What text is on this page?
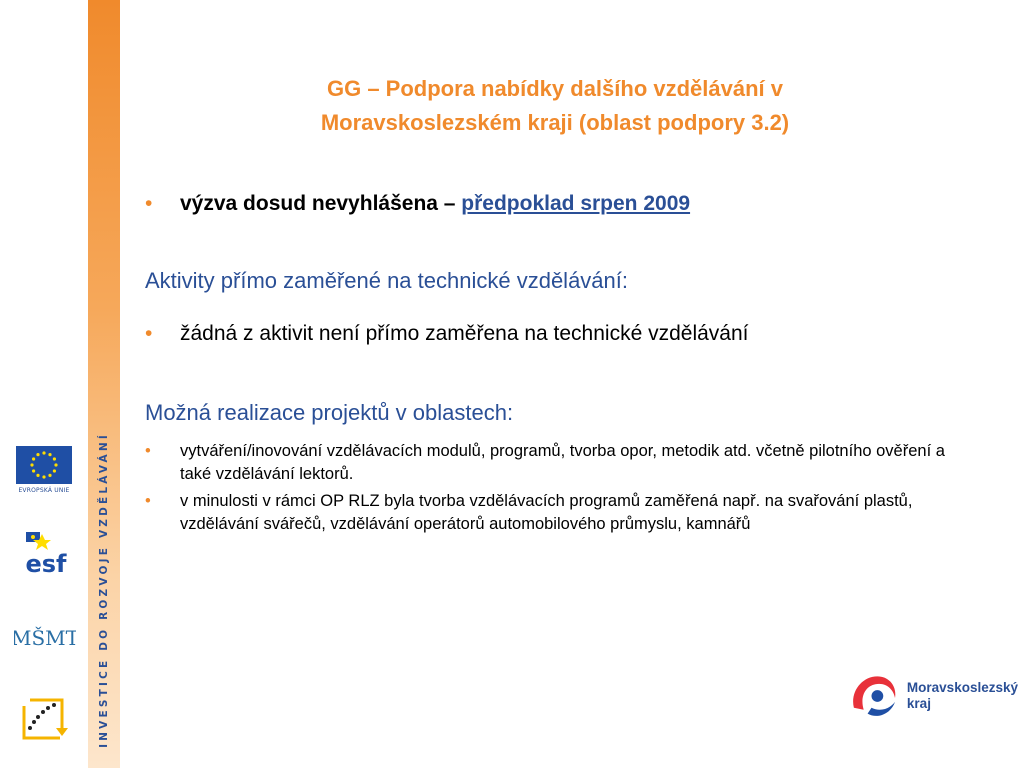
INVESTICE DO ROZVOJE VZDĚLÁVÁNÍ
EVROPSKÁ UNIE
esf
MŠMT
GG – Podpora nabídky dalšího vzdělávání v
Moravskoslezském kraji (oblast podpory 3.2)
•	výzva dosud nevyhlášena – předpoklad srpen 2009
Aktivity přímo zaměřené na technické vzdělávání:
•	žádná z aktivit není přímo zaměřena na technické vzdělávání
Možná realizace projektů v oblastech:
•	vytváření/inovování vzdělávacích modulů, programů, tvorba opor, metodik atd. včetně pilotního ověření a také vzdělávání lektorů.
•	v minulosti v rámci OP RLZ byla tvorba vzdělávacích programů zaměřená např. na svařování plastů, vzdělávání svářečů, vzdělávání operátorů automobilového průmyslu, kamnářů
Moravskoslezský
kraj
